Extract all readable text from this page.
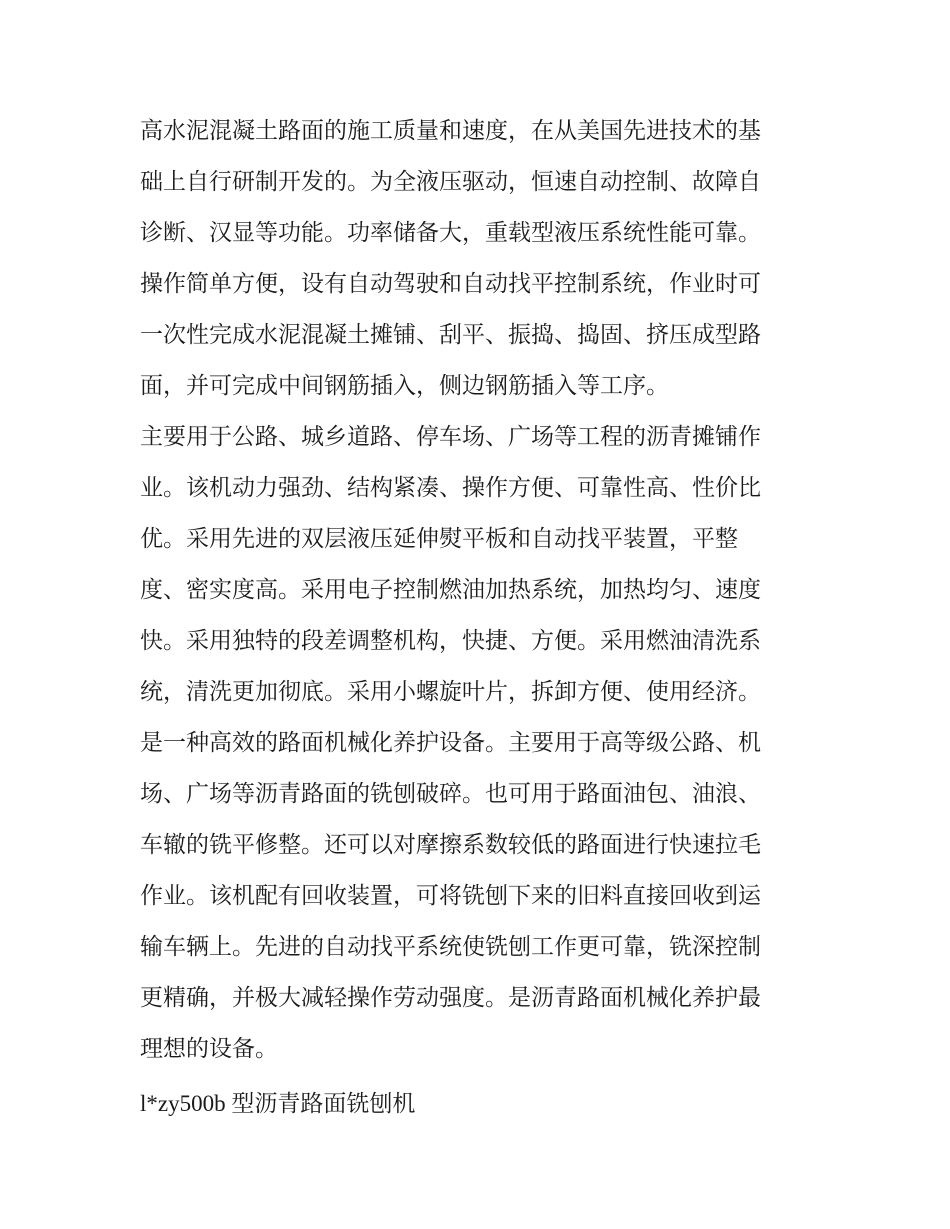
高水泥混凝土路面的施工质量和速度，在从美国先进技术的基
础上自行研制开发的。为全液压驱动，恒速自动控制、故障自
诊断、汉显等功能。功率储备大，重载型液压系统性能可靠。
操作简单方便，设有自动驾驶和自动找平控制系统，作业时可
一次性完成水泥混凝土摊铺、刮平、振捣、捣固、挤压成型路
面，并可完成中间钢筋插入，侧边钢筋插入等工序。
主要用于公路、城乡道路、停车场、广场等工程的沥青摊铺作
业。该机动力强劲、结构紧凑、操作方便、可靠性高、性价比
优。采用先进的双层液压延伸熨平板和自动找平装置，平整
度、密实度高。采用电子控制燃油加热系统，加热均匀、速度
快。采用独特的段差调整机构，快捷、方便。采用燃油清洗系
统，清洗更加彻底。采用小螺旋叶片，拆卸方便、使用经济。
是一种高效的路面机械化养护设备。主要用于高等级公路、机
场、广场等沥青路面的铣刨破碎。也可用于路面油包、油浪、
车辙的铣平修整。还可以对摩擦系数较低的路面进行快速拉毛
作业。该机配有回收装置，可将铣刨下来的旧料直接回收到运
输车辆上。先进的自动找平系统使铣刨工作更可靠，铣深控制
更精确，并极大减轻操作劳动强度。是沥青路面机械化养护最
理想的设备。
l*zy500b 型沥青路面铣刨机
